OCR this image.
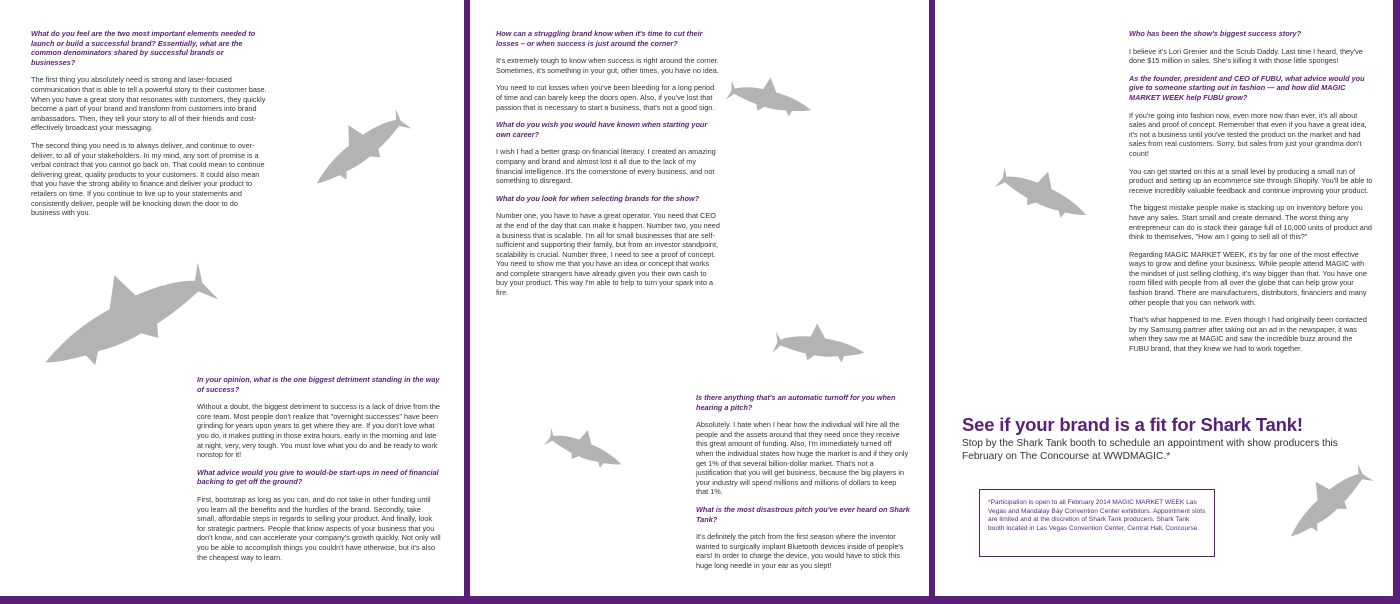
What do you feel are the two most important elements needed to launch or build a successful brand? Essentially, what are the common denominators shared by successful brands or businesses?
The first thing you absolutely need is strong and laser-focused communication that is able to tell a powerful story to their customer base. When you have a great story that resonates with customers, they quickly become a part of your brand and transform from customers into brand ambassadors. Then, they tell your story to all of their friends and cost-effectively broadcast your messaging.
The second thing you need is to always deliver, and continue to over-deliver, to all of your stakeholders. In my mind, any sort of promise is a verbal contract that you cannot go back on. That could mean to continue delivering great, quality products to your customers. It could also mean that you have the strong ability to finance and deliver your product to retailers on time. If you continue to live up to your statements and consistently deliver, people will be knocking down the door to do business with you.
In your opinion, what is the one biggest detriment standing in the way of success?
Without a doubt, the biggest detriment to success is a lack of drive from the core team. Most people don't realize that "overnight successes" have been grinding for years upon years to get where they are. If you don't love what you do, it makes putting in those extra hours, early in the morning and late at night, very, very tough. You must love what you do and be ready to work nonstop for it!
What advice would you give to would-be start-ups in need of financial backing to get off the ground?
First, bootstrap as long as you can, and do not take in other funding until you learn all the benefits and the hurdles of the brand. Secondly, take small, affordable steps in regards to selling your product. And finally, look for strategic partners. People that know aspects of your business that you don't know, and can accelerate your company's growth quickly. Not only will you be able to accomplish things you couldn't have otherwise, but it's also the cheapest way to learn.
How can a struggling brand know when it's time to cut their losses – or when success is just around the corner?
It's extremely tough to know when success is right around the corner. Sometimes, it's something in your gut, other times, you have no idea.
You need to cut losses when you've been bleeding for a long period of time and can barely keep the doors open. Also, if you've lost that passion that is necessary to start a business, that's not a good sign.
What do you wish you would have known when starting your own career?
I wish I had a better grasp on financial literacy. I created an amazing company and brand and almost lost it all due to the lack of my financial intelligence. It's the cornerstone of every business, and not something to disregard.
What do you look for when selecting brands for the show?
Number one, you have to have a great operator. You need that CEO at the end of the day that can make it happen. Number two, you need a business that is scalable. I'm all for small businesses that are self-sufficient and supporting their family, but from an investor standpoint, scalability is crucial. Number three, I need to see a proof of concept. You need to show me that you have an idea or concept that works and complete strangers have already given you their own cash to buy your product. This way I'm able to help to turn your spark into a fire.
Is there anything that's an automatic turnoff for you when hearing a pitch?
Absolutely. I hate when I hear how the individual will hire all the people and the assets around that they need once they receive this great amount of funding. Also, I'm immediately turned off when the individual states how huge the market is and if they only get 1% of that several billion-dollar market. That's not a justification that you will get business, because the big players in your industry will spend millions and millions of dollars to keep that 1%.
What is the most disastrous pitch you've ever heard on Shark Tank?
It's definitely the pitch from the first season where the inventor wanted to surgically implant Bluetooth devices inside of people's ears! In order to charge the device, you would have to stick this huge long needle in your ear as you slept!
Who has been the show's biggest success story?
I believe it's Lori Grenier and the Scrub Daddy. Last time I heard, they've done $15 million in sales. She's killing it with those little sponges!
As the founder, president and CEO of FUBU, what advice would you give to someone starting out in fashion — and how did MAGIC MARKET WEEK help FUBU grow?
If you're going into fashion now, even more now than ever, it's all about sales and proof of concept. Remember that even if you have a great idea, it's not a business until you've tested the product on the market and had sales from real customers. Sorry, but sales from just your grandma don't count!
You can get started on this at a small level by producing a small run of product and setting up an ecommerce site through Shopify. You'll be able to receive incredibly valuable feedback and continue improving your product.
The biggest mistake people make is stacking up on inventory before you have any sales. Start small and create demand. The worst thing any entrepreneur can do is stack their garage full of 10,000 units of product and think to themselves, "How am I going to sell all of this?"
Regarding MAGIC MARKET WEEK, it's by far one of the most effective ways to grow and define your business. While people attend MAGIC with the mindset of just selling clothing, it's way bigger than that. You have one room filled with people from all over the globe that can help grow your fashion brand. There are manufacturers, distributors, financiers and many other people that you can network with.
That's what happened to me. Even though I had originally been contacted by my Samsung partner after taking out an ad in the newspaper, it was when they saw me at MAGIC and saw the incredible buzz around the FUBU brand, that they knew we had to work together.
See if your brand is a fit for Shark Tank!
Stop by the Shark Tank booth to schedule an appointment with show producers this February on The Concourse at WWDMAGIC.*
*Participation is open to all February 2014 MAGIC MARKET WEEK Las Vegas and Mandalay Bay Convention Center exhibitors. Appointment slots are limited and at the discretion of Shark Tank producers. Shark Tank booth located in Las Vegas Convention Center, Central Hall, Concourse.
